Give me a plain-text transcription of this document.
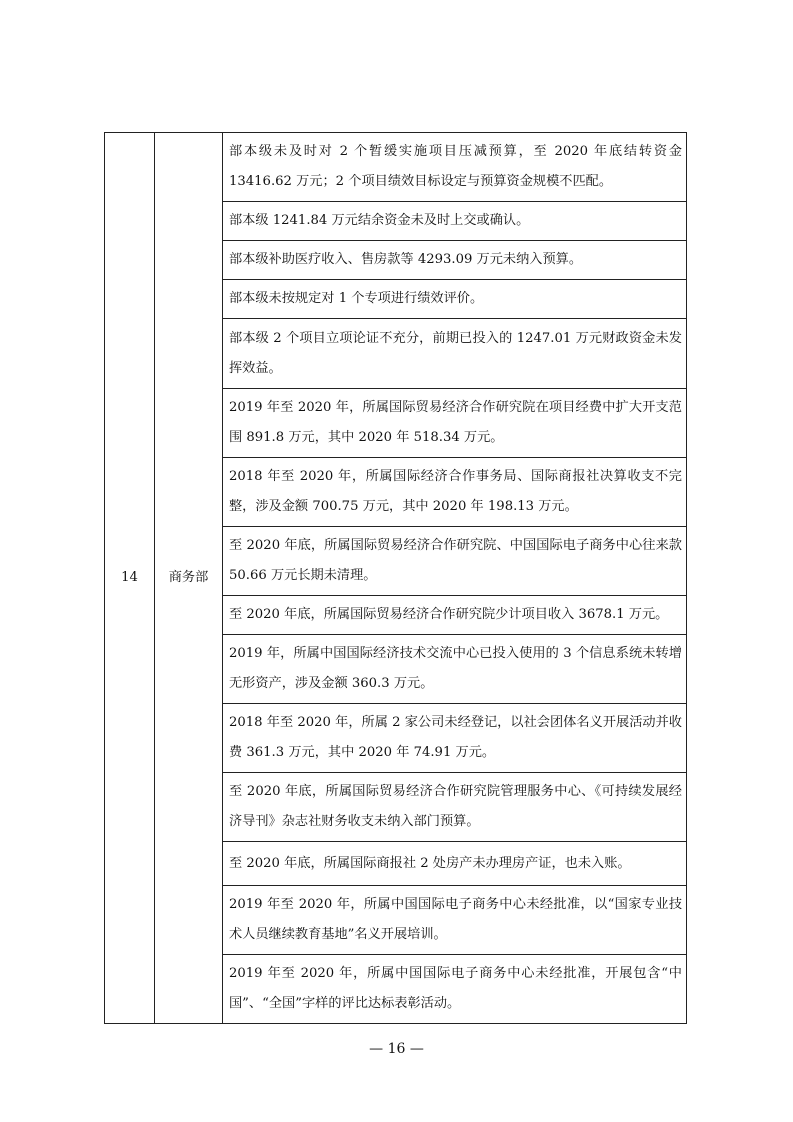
14	商务部	部本级未及时对 2 个暂缓实施项目压减预算，至 2020 年底结转资金 13416.62 万元；2 个项目绩效目标设定与预算资金规模不匹配。
部本级 1241.84 万元结余资金未及时上交或确认。
部本级补助医疗收入、售房款等 4293.09 万元未纳入预算。
部本级未按规定对 1 个专项进行绩效评价。
部本级 2 个项目立项论证不充分，前期已投入的 1247.01 万元财政资金未发挥效益。
2019 年至 2020 年，所属国际贸易经济合作研究院在项目经费中扩大开支范围 891.8 万元，其中 2020 年 518.34 万元。
2018 年至 2020 年，所属国际经济合作事务局、国际商报社决算收支不完整，涉及金额 700.75 万元，其中 2020 年 198.13 万元。
至 2020 年底，所属国际贸易经济合作研究院、中国国际电子商务中心往来款 50.66 万元长期未清理。
至 2020 年底，所属国际贸易经济合作研究院少计项目收入 3678.1 万元。
2019 年，所属中国国际经济技术交流中心已投入使用的 3 个信息系统未转增无形资产，涉及金额 360.3 万元。
2018 年至 2020 年，所属 2 家公司未经登记，以社会团体名义开展活动并收费 361.3 万元，其中 2020 年 74.91 万元。
至 2020 年底，所属国际贸易经济合作研究院管理服务中心、《可持续发展经济导刊》杂志社财务收支未纳入部门预算。
至 2020 年底，所属国际商报社 2 处房产未办理房产证，也未入账。
2019 年至 2020 年，所属中国国际电子商务中心未经批准，以“国家专业技术人员继续教育基地”名义开展培训。
2019 年至 2020 年，所属中国国际电子商务中心未经批准，开展包含“中国”、“全国”字样的评比达标表彰活动。
— 16 —
